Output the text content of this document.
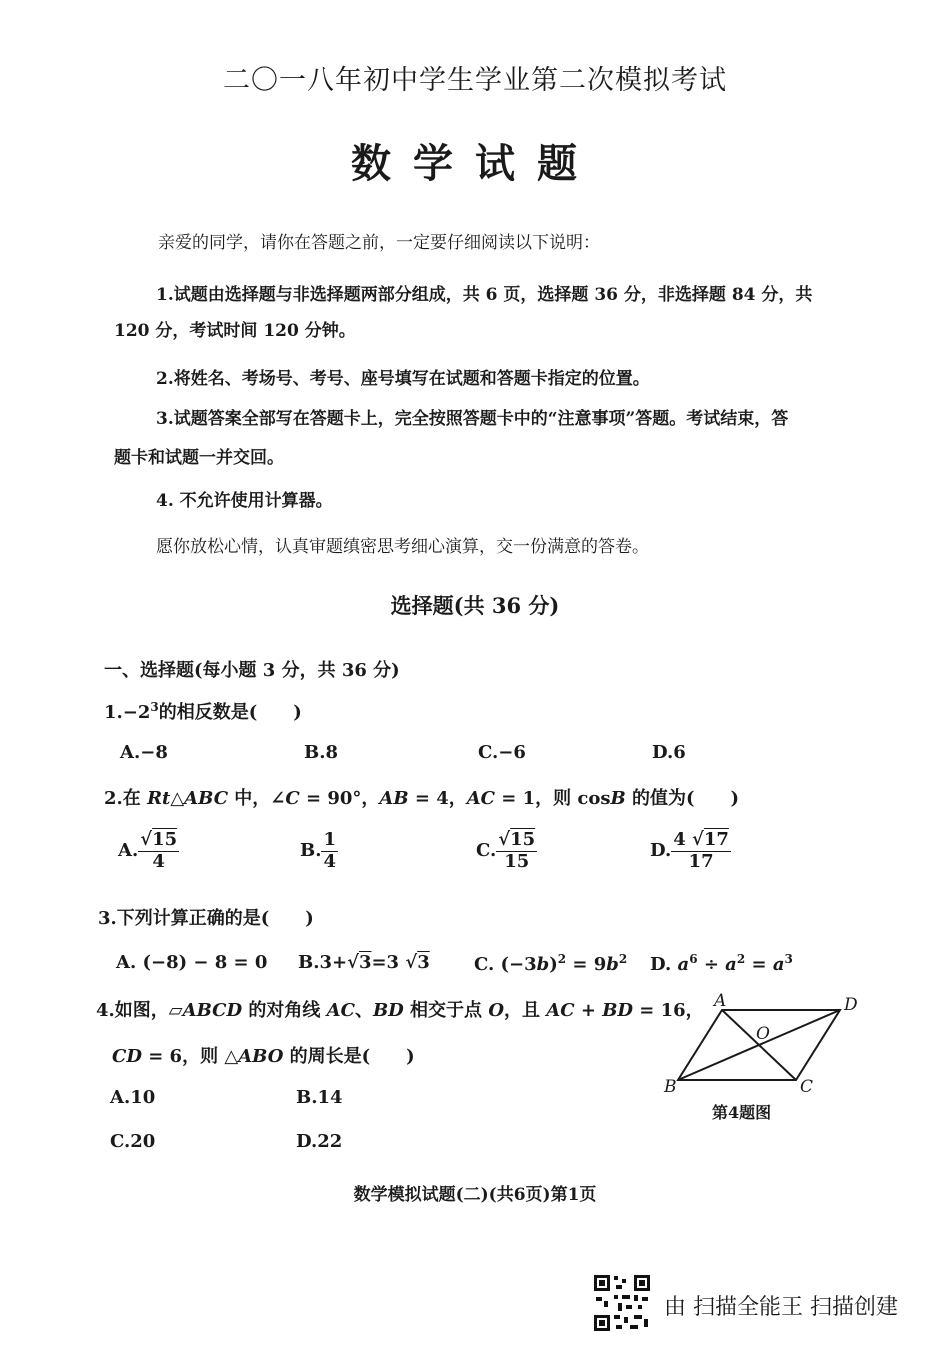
二〇一八年初中学生学业第二次模拟考试
数学试题
亲爱的同学，请你在答题之前，一定要仔细阅读以下说明：
1.试题由选择题与非选择题两部分组成，共 6 页，选择题 36 分，非选择题 84 分，共
120 分，考试时间 120 分钟。
2.将姓名、考场号、考号、座号填写在试题和答题卡指定的位置。
3.试题答案全部写在答题卡上，完全按照答题卡中的“注意事项”答题。考试结束，答
题卡和试题一并交回。
4. 不允许使用计算器。
愿你放松心情，认真审题缜密思考细心演算，交一份满意的答卷。
选择题(共 36 分)
一、选择题(每小题 3 分，共 36 分)
$1.-2^3$的相反数是(　　)
A.−8	B.8	C.−6	D.6
2.在 Rt△ABC 中，∠C = 90°，AB = 4，AC = 1，则 cosB 的值为(　　)
A. $\frac{√15}{4}$	B. $\frac{1}{4}$	C. $\frac{√15}{15}$	D. $\frac{4 √17}{17}$
3.下列计算正确的是(　　)
A. (−8) − 8 = 0 B.3+√3=3 √3 C. $(-3b)^2 = 9b^2$ D. $a^6 \div a^2 = a^3$
4.如图，▱ABCD 的对角线 AC、BD 相交于点 O，且 AC + BD = 16，
CD = 6，则 △ABO 的周长是(　　)
A.10	B.14
C.20	D.22
A	D
B	C
O
第4题图
数学模拟试题(二)(共6页)第1页
由 扫描全能王 扫描创建
